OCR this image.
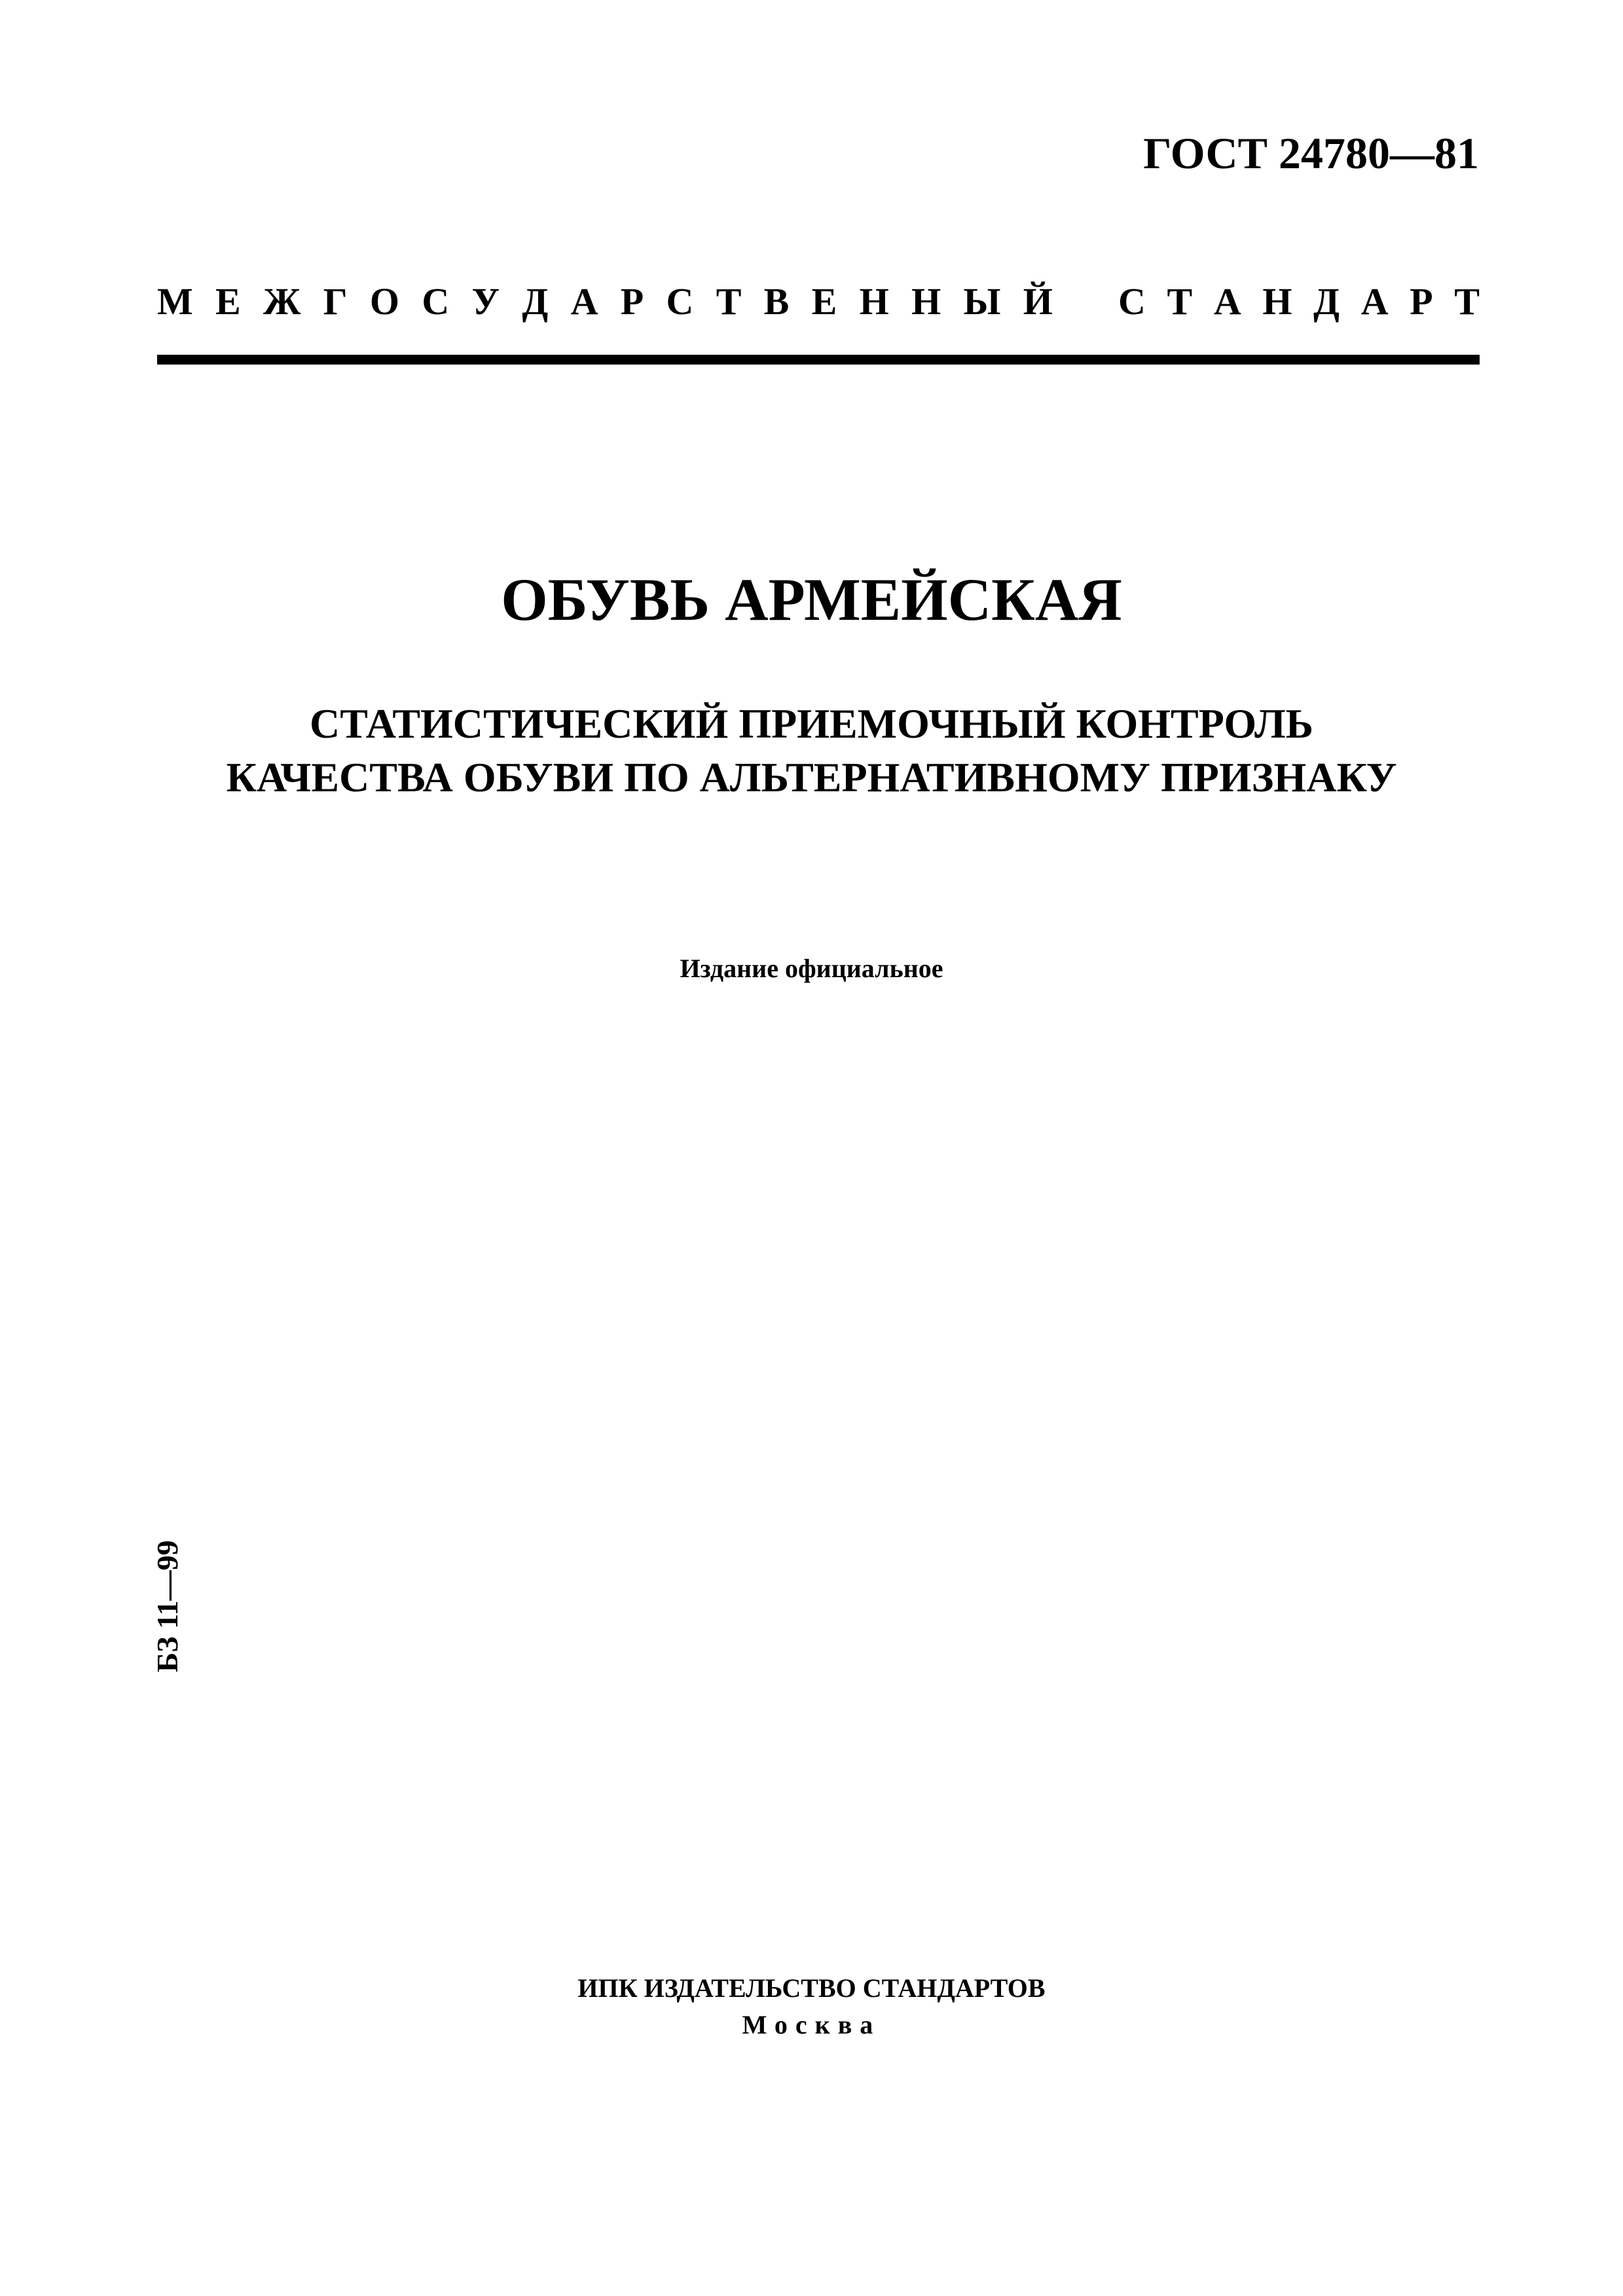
ГОСТ 24780—81
М Е Ж Г О С У Д А Р С Т В Е Н Н Ы Й С Т А Н Д А Р Т
ОБУВЬ АРМЕЙСКАЯ
СТАТИСТИЧЕСКИЙ ПРИЕМОЧНЫЙ КОНТРОЛЬ
КАЧЕСТВА ОБУВИ ПО АЛЬТЕРНАТИВНОМУ ПРИЗНАКУ
Издание официальное
БЗ 11—99
ИПК ИЗДАТЕЛЬСТВО СТАНДАРТОВ
Москва
